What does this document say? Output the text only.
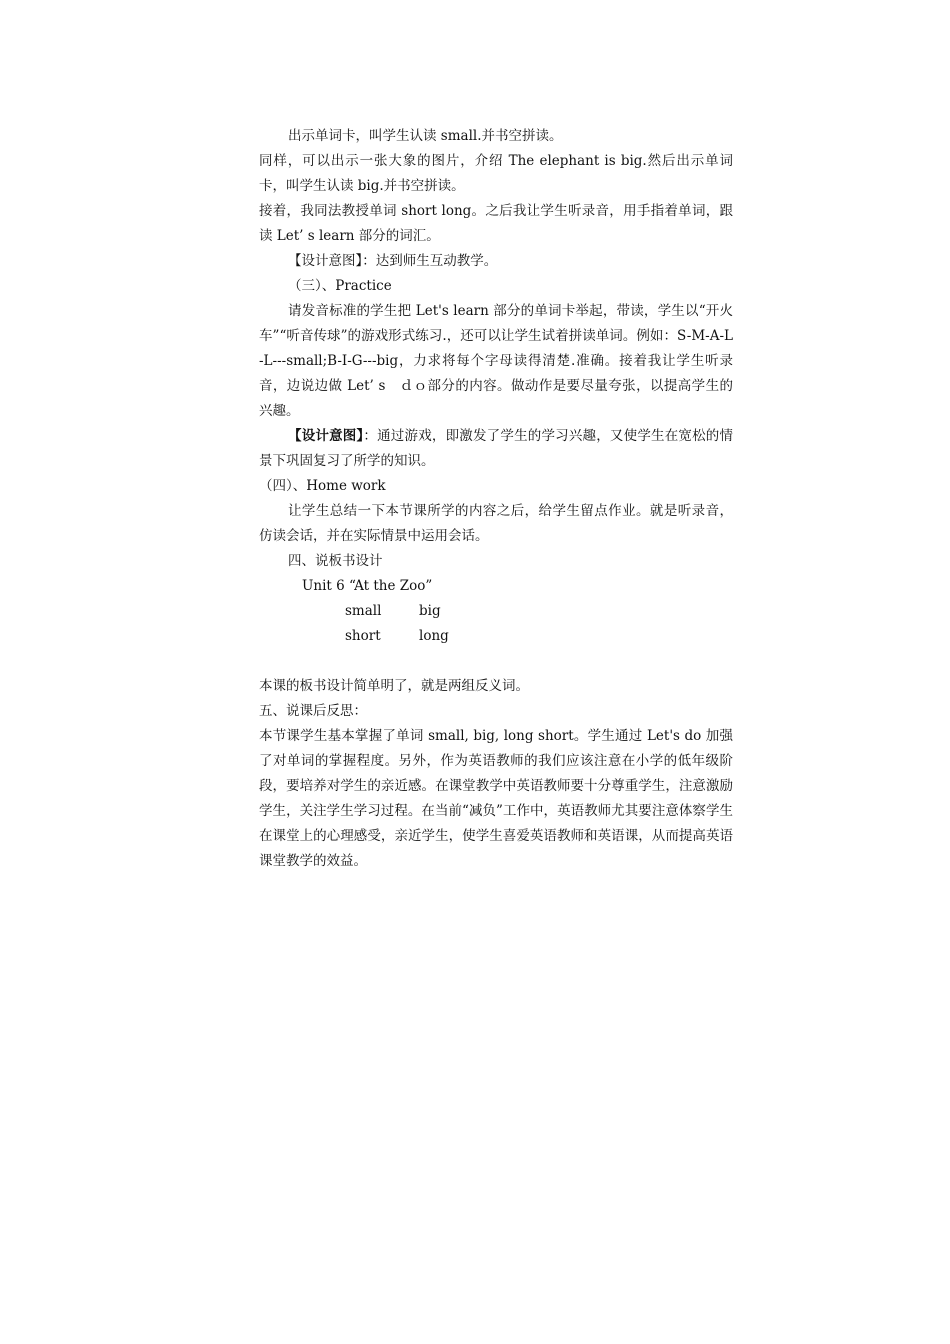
出示单词卡，叫学生认读 small.并书空拼读。

同样，可以出示一张大象的图片，介绍 The elephant is big.然后出示单词卡，叫学生认读 big.并书空拼读。

接着，我同法教授单词 short long。之后我让学生听录音，用手指着单词，跟读 Let’ s learn 部分的词汇。

【设计意图】：达到师生互动教学。

（三）、Practice

请发音标准的学生把 Let's learn 部分的单词卡举起，带读，学生以“开火车”“听音传球”的游戏形式练习.，还可以让学生试着拼读单词。例如：S-M-A-L-L---small;B-I-G---big，力求将每个字母读得清楚.准确。接着我让学生听录音，边说边做 Let’ s　ｄｏ部分的内容。做动作是要尽量夸张，以提高学生的兴趣。

【设计意图】：通过游戏，即激发了学生的学习兴趣，又使学生在宽松的情景下巩固复习了所学的知识。

（四）、Home work

让学生总结一下本节课所学的内容之后，给学生留点作业。就是听录音，仿读会话，并在实际情景中运用会话。

四、说板书设计

Unit 6 “At the Zoo”

small	big
short	long

本课的板书设计简单明了，就是两组反义词。

五、说课后反思：

本节课学生基本掌握了单词 small, big, long short。学生通过 Let's do 加强了对单词的掌握程度。另外，作为英语教师的我们应该注意在小学的低年级阶段，要培养对学生的亲近感。在课堂教学中英语教师要十分尊重学生，注意激励学生，关注学生学习过程。在当前“减负”工作中，英语教师尤其要注意体察学生在课堂上的心理感受，亲近学生，使学生喜爱英语教师和英语课，从而提高英语课堂教学的效益。
